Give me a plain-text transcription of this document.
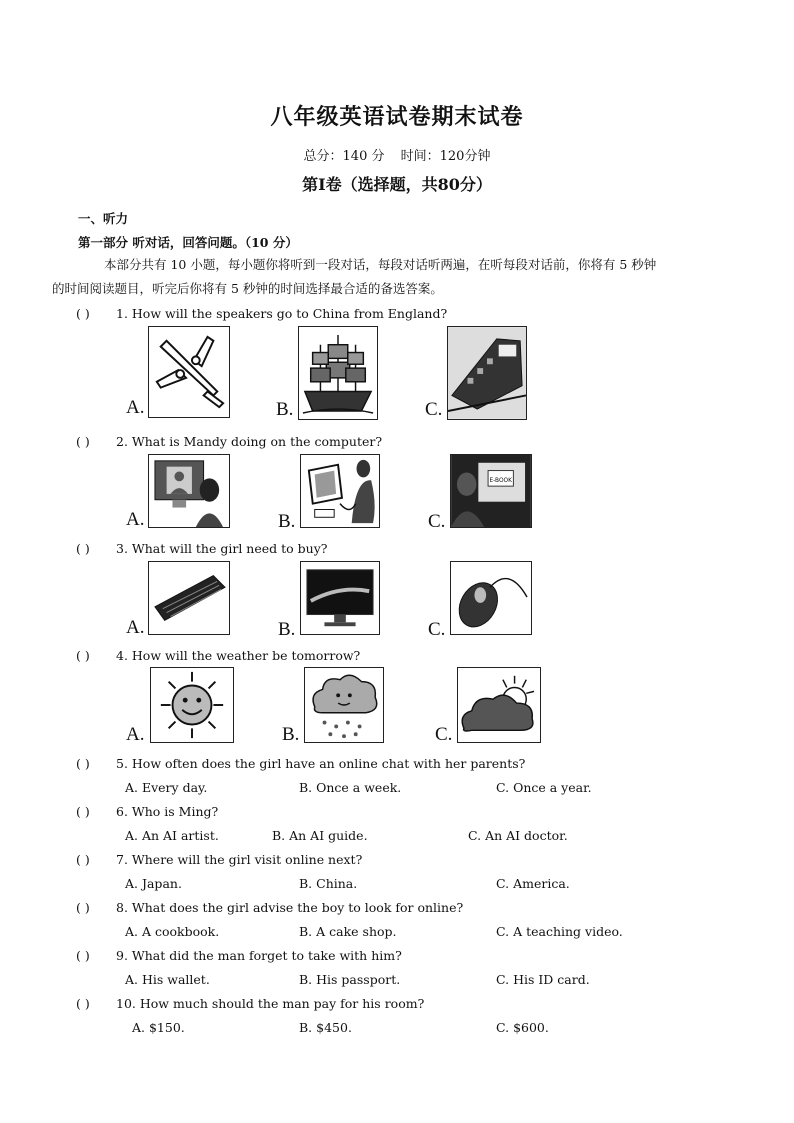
八年级英语试卷期末试卷
总分：140 分 时间：120分钟
第Ⅰ卷（选择题，共80分）
一、听力
第一部分 听对话，回答问题。（10 分）
本部分共有 10 小题，每小题你将听到一段对话，每段对话听两遍，在听每段对话前，你将有 5 秒钟
的时间阅读题目，听完后你将有 5 秒钟的时间选择最合适的备选答案。
( ) 1. How will the speakers go to China from England?
A.	B.	C.
( ) 2. What is Mandy doing on the computer?
A.	B.
E-BOOK
C.
( ) 3. What will the girl need to buy?
A.	B.	C.
( ) 4. How will the weather be tomorrow?
A.	B.	C.
( ) 5. How often does the girl have an online chat with her parents?
A. Every day.	B. Once a week.	C. Once a year.
( ) 6. Who is Ming?
A. An AI artist.	B. An AI guide.	C. An AI doctor.
( ) 7. Where will the girl visit online next?
A. Japan.	B. China.	C. America.
( ) 8. What does the girl advise the boy to look for online?
A. A cookbook.	B. A cake shop.	C. A teaching video.
( ) 9. What did the man forget to take with him?
A. His wallet.	B. His passport.	C. His ID card.
( ) 10. How much should the man pay for his room?
A. $150.	B. $450.	C. $600.
